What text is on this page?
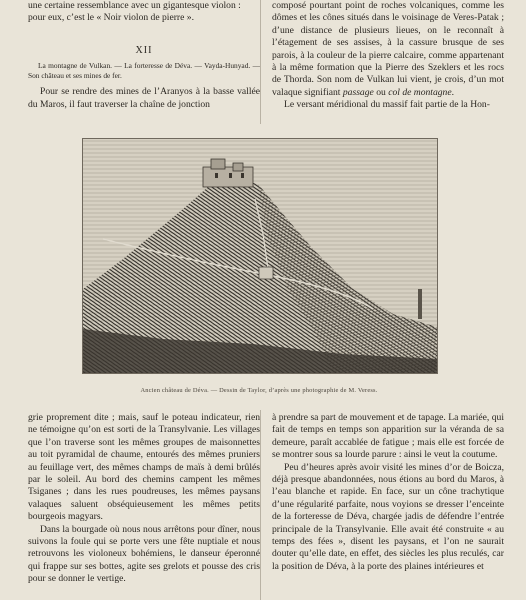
une certaine ressemblance avec un gigantesque violon :

pour eux, c’est le « Noir violon de pierre ».

XII

La montagne de Vulkan. — La forteresse de Déva. — Vayda-Hunyad. — Son château et ses mines de fer.

Pour se rendre des mines de l’Aranyos à la basse vallée du Maros, il faut traverser la chaîne de jonction

composé pourtant point de roches volcaniques, comme les dômes et les cônes situés dans le voisinage de Veres-Patak ; d’une distance de plusieurs lieues, on le reconnaît à l’étagement de ses assises, à la cassure brusque de ses parois, à la couleur de la pierre calcaire, comme appartenant à la même formation que la Pierre des Szeklers et les rocs de Thorda. Son nom de Vulkan lui vient, je crois, d’un mot valaque signifiant passage ou col de montagne.

Le versant méridional du massif fait partie de la Hon-

Ancien château de Déva. — Dessin de Taylor, d’après une photographie de M. Veress.

grie proprement dite ; mais, sauf le poteau indicateur, rien ne témoigne qu’on est sorti de la Transylvanie. Les villages que l’on traverse sont les mêmes groupes de maisonnettes au toit pyramidal de chaume, entourés des mêmes pruniers au feuillage vert, des mêmes champs de maïs à demi brûlés par le soleil. Au bord des chemins campent les mêmes Tsiganes ; dans les rues poudreuses, les mêmes paysans valaques saluent obséquieusement les mêmes petits bourgeois magyars.

Dans la bourgade où nous nous arrêtons pour dîner, nous suivons la foule qui se porte vers une fête nuptiale et nous retrouvons les violoneux bohémiens, le danseur éperonné qui frappe sur ses bottes, agite ses grelots et pousse des cris pour se donner le vertige.

à prendre sa part de mouvement et de tapage. La mariée, qui fait de temps en temps son apparition sur la véranda de sa demeure, paraît accablée de fatigue ; mais elle est forcée de se montrer sous sa lourde parure : ainsi le veut la coutume.

Peu d’heures après avoir visité les mines d’or de Boicza, déjà presque abandonnées, nous étions au bord du Maros, à l’eau blanche et rapide. En face, sur un cône trachytique d’une régularité parfaite, nous voyions se dresser l’enceinte de la forteresse de Déva, chargée jadis de défendre l’entrée principale de la Transylvanie. Elle avait été construite « au temps des fées », disent les paysans, et l’on ne saurait douter qu’elle date, en effet, des siècles les plus reculés, car la position de Déva, à la porte des plaines intérieures et
